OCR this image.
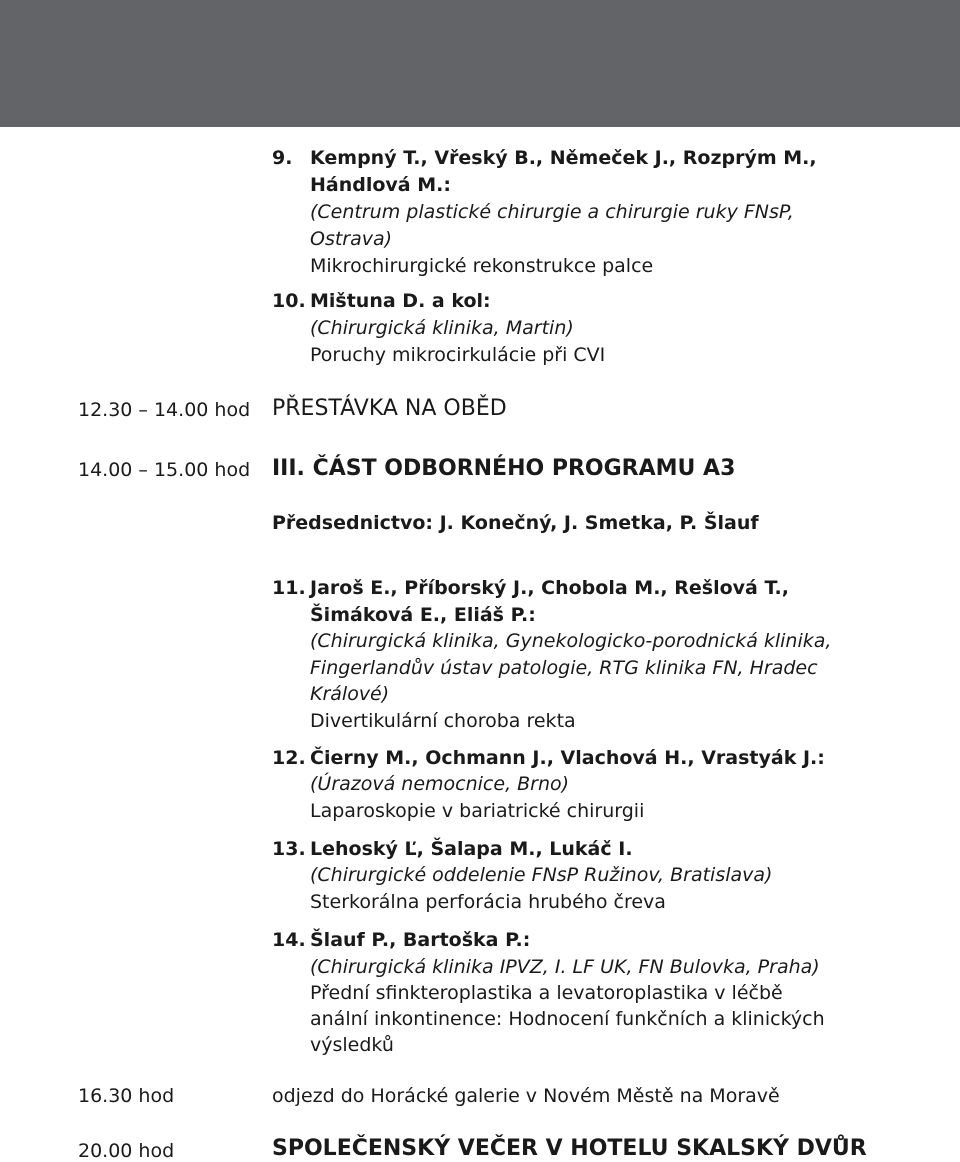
9. Kempný T., Vřeský B., Němeček J., Rozprým M.,
Hándlová M.:
(Centrum plastické chirurgie a chirurgie ruky FNsP,
Ostrava)
Mikrochirurgické rekonstrukce palce
10. Mištuna D. a kol:
(Chirurgická klinika, Martin)
Poruchy mikrocirkulácie při CVI
12.30 – 14.00 hod PŘESTÁVKA NA OBĚD
14.00 – 15.00 hod III. ČÁST ODBORNÉHO PROGRAMU A3
Předsednictvo: J. Konečný, J. Smetka, P. Šlauf
11. Jaroš E., Příborský J., Chobola M., Rešlová T.,
Šimáková E., Eliáš P.:
(Chirurgická klinika, Gynekologicko-porodnická klinika,
Fingerlandův ústav patologie, RTG klinika FN, Hradec
Králové)
Divertikulární choroba rekta
12. Čierny M., Ochmann J., Vlachová H., Vrastyák J.:
(Úrazová nemocnice, Brno)
Laparoskopie v bariatrické chirurgii
13. Lehoský Ľ, Šalapa M., Lukáč I.
(Chirurgické oddelenie FNsP Ružinov, Bratislava)
Sterkorálna perforácia hrubého čreva
14. Šlauf P., Bartoška P.:
(Chirurgická klinika IPVZ, I. LF UK, FN Bulovka, Praha)
Přední sfinkteroplastika a levatoroplastika v léčbě
anální inkontinence: Hodnocení funkčních a klinických
výsledků
16.30 hod	odjezd do Horácké galerie v Novém Městě na Moravě
20.00 hod	SPOLEČENSKÝ VEČER V HOTELU SKALSKÝ DVŮR
